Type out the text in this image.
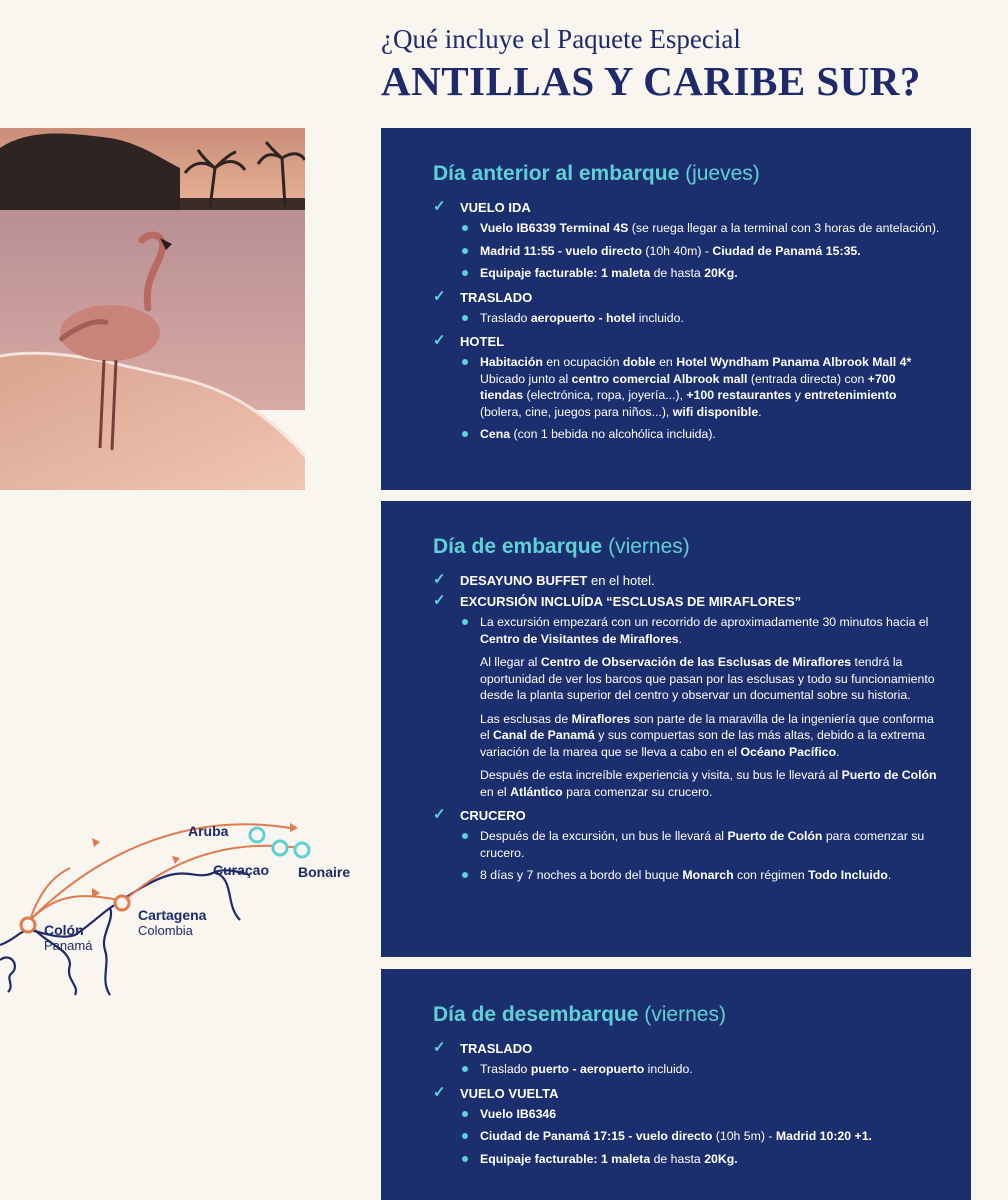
¿Qué incluye el Paquete Especial
ANTILLAS Y CARIBE SUR?
Aruba
Curaçao Bonaire
Cartagena
Colombia
Colón
Panamá
Día anterior al embarque (jueves)
✓ VUELO IDA
Vuelo IB6339 Terminal 4S (se ruega llegar a la terminal con 3 horas de antelación).
Madrid 11:55 - vuelo directo (10h 40m) - Ciudad de Panamá 15:35.
Equipaje facturable: 1 maleta de hasta 20Kg.
✓ TRASLADO
Traslado aeropuerto - hotel incluido.
✓ HOTEL
Habitación en ocupación doble en Hotel Wyndham Panama Albrook Mall 4* Ubicado junto al centro comercial Albrook mall (entrada directa) con +700 tiendas (electrónica, ropa, joyería...), +100 restaurantes y entretenimiento (bolera, cine, juegos para niños...), wifi disponible.
Cena (con 1 bebida no alcohólica incluida).
Día de embarque (viernes)
✓ DESAYUNO BUFFET en el hotel.
✓ EXCURSIÓN INCLUÍDA “ESCLUSAS DE MIRAFLORES”

La excursión empezará con un recorrido de aproximadamente 30 minutos hacia el Centro de Visitantes de Miraflores.

Al llegar al Centro de Observación de las Esclusas de Miraflores tendrá la oportunidad de ver los barcos que pasan por las esclusas y todo su funcionamiento desde la planta superior del centro y observar un documental sobre su historia.

Las esclusas de Miraflores son parte de la maravilla de la ingeniería que conforma el Canal de Panamá y sus compuertas son de las más altas, debido a la extrema variación de la marea que se lleva a cabo en el Océano Pacífico.

Después de esta increíble experiencia y visita, su bus le llevará al Puerto de Colón en el Atlántico para comenzar su crucero.

✓ CRUCERO
Después de la excursión, un bus le llevará al Puerto de Colón para comenzar su crucero.
8 días y 7 noches a bordo del buque Monarch con régimen Todo Incluido.
Día de desembarque (viernes)
✓ TRASLADO
Traslado puerto - aeropuerto incluido.
✓ VUELO VUELTA
Vuelo IB6346
Ciudad de Panamá 17:15 - vuelo directo (10h 5m) - Madrid 10:20 +1.
Equipaje facturable: 1 maleta de hasta 20Kg.
